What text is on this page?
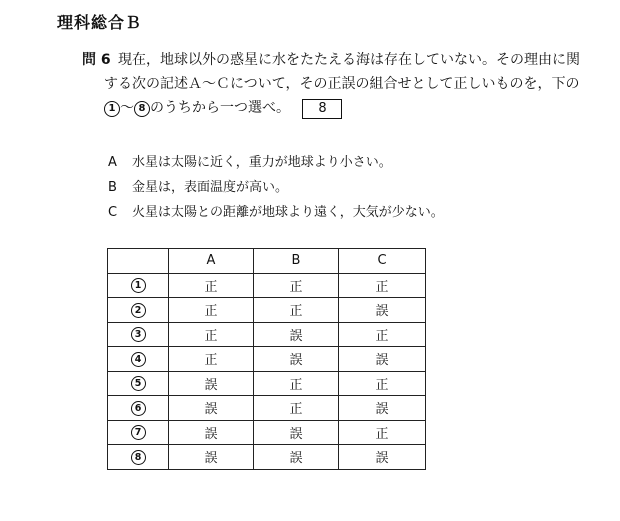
理科総合Ｂ
問 6 現在，地球以外の惑星に水をたたえる海は存在していない。その理由に関
する次の記述Ａ～Ｃについて，その正誤の組合せとして正しいものを，下の
1 ～ 8 のうちから一つ選べ。 8
A 水星は太陽に近く，重力が地球より小さい。
B 金星は，表面温度が高い。
C 火星は太陽との距離が地球より遠く，大気が少ない。
	A	B	C
1	正	正	正
2	正	正	誤
3	正	誤	正
4	正	誤	誤
5	誤	正	正
6	誤	正	誤
7	誤	誤	正
8	誤	誤	誤
